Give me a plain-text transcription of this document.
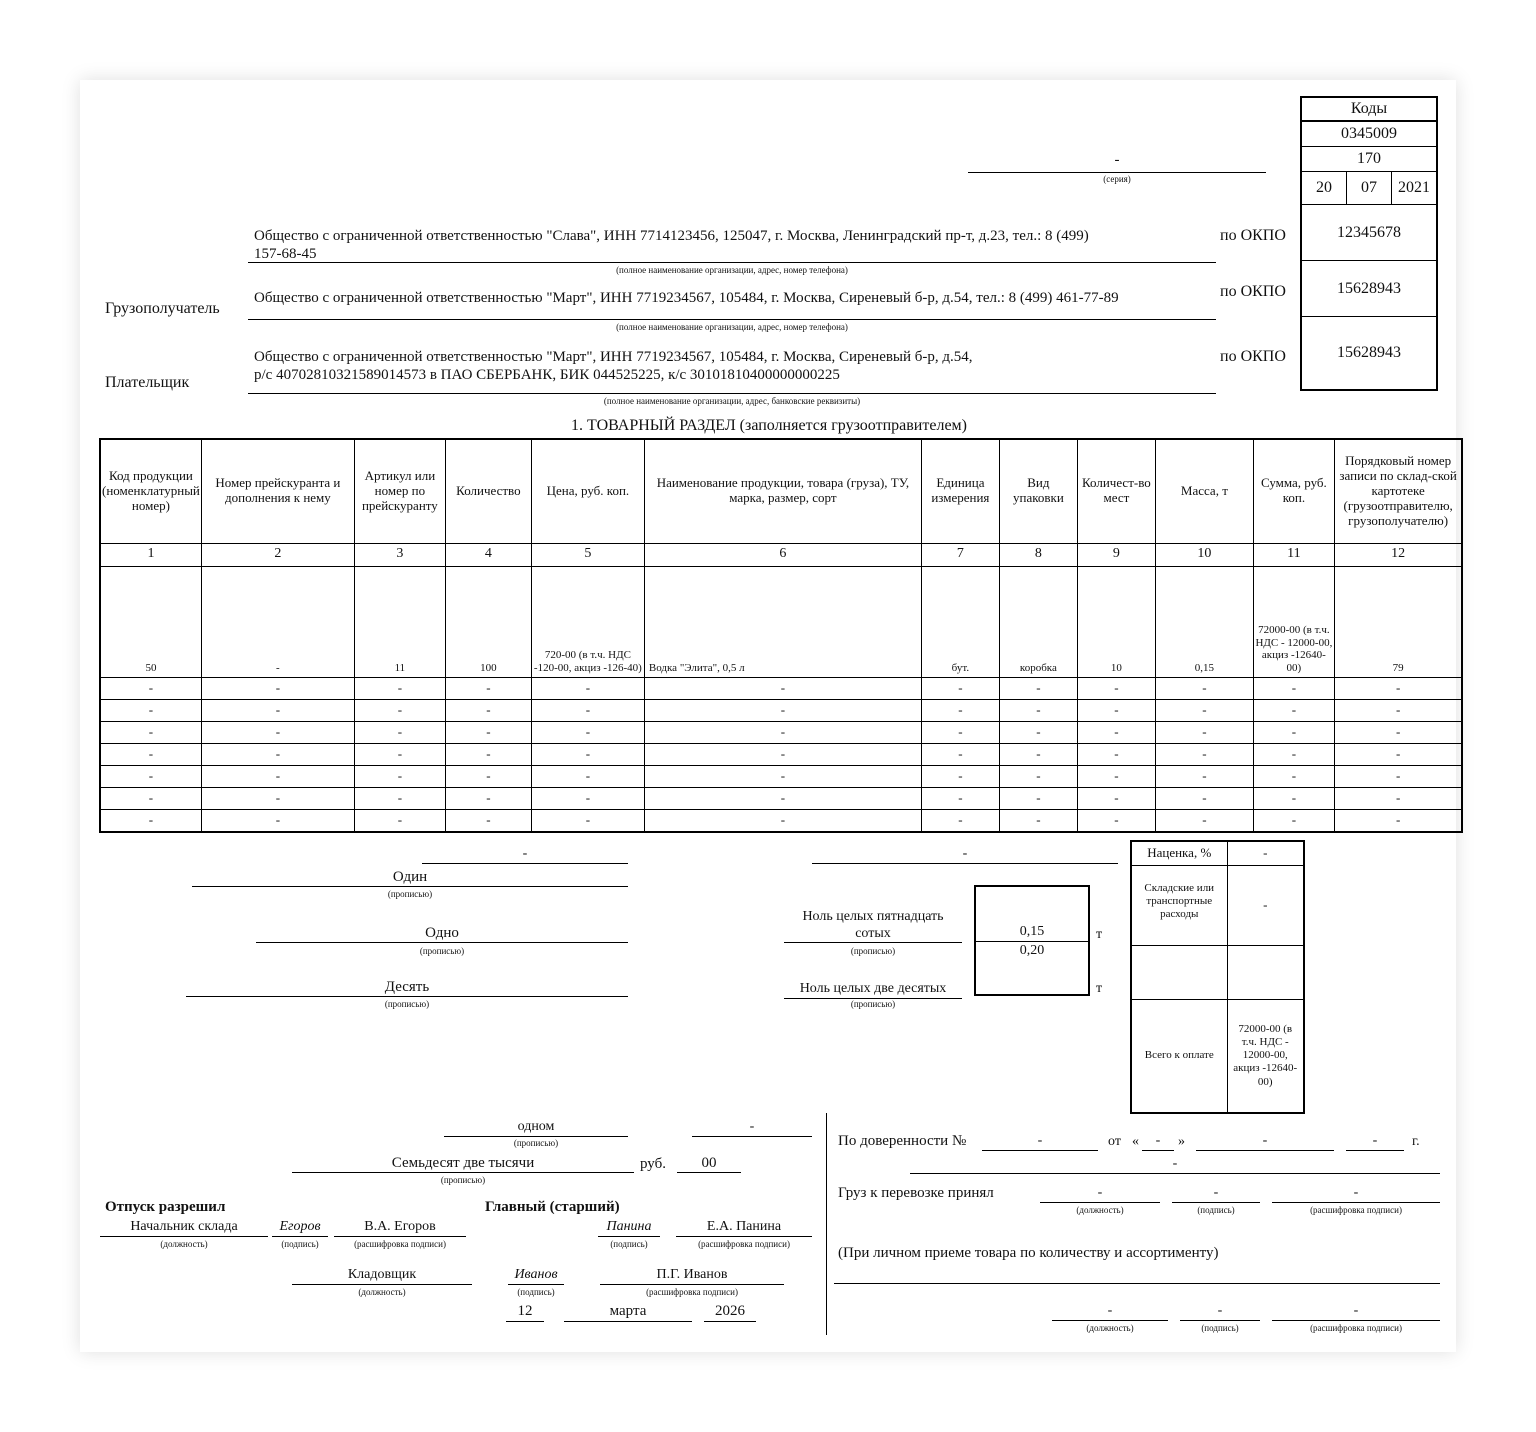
Коды
0345009
170
20	07	2021
12345678
15628943
15628943
-
(серия)
Общество с ограниченной ответственностью "Слава", ИНН 7714123456, 125047, г. Москва, Ленинградский пр-т, д.23, тел.: 8 (499)
157-68-45
(полное наименование организации, адрес, номер телефона)
по ОКПО
Грузополучатель
Общество с ограниченной ответственностью "Март", ИНН 7719234567, 105484, г. Москва, Сиреневый б-р, д.54, тел.: 8 (499) 461-77-89
(полное наименование организации, адрес, номер телефона)
по ОКПО
Плательщик
Общество с ограниченной ответственностью "Март", ИНН 7719234567, 105484, г. Москва, Сиреневый б-р, д.54,
р/с 40702810321589014573 в ПАО СБЕРБАНК, БИК 044525225, к/с 30101810400000000225
(полное наименование организации, адрес, банковские реквизиты)
по ОКПО
1. ТОВАРНЫЙ РАЗДЕЛ (заполняется грузоотправителем)
Код продукции (номенклатурный номер)	Номер прейскуранта и дополнения к нему	Артикул или номер по прейскуранту	Количество	Цена, руб. коп.	Наименование продукции, товара (груза), ТУ, марка, размер, сорт	Единица измерения	Вид упаковки	Количест-во мест	Масса, т	Сумма, руб. коп.	Порядковый номер записи по склад-ской картотеке (грузоотправителю, грузополучателю)
1	2	3	4	5	6	7	8	9	10	11	12
50	-	11	100	720-00 (в т.ч. НДС -120-00, акциз -126-40)	Водка "Элита", 0,5 л	бут.	коробка	10	0,15	72000-00 (в т.ч. НДС - 12000-00, акциз -12640-00)	79
-	-	-	-	-	-	-	-	-	-	-	-
-	-	-	-	-	-	-	-	-	-	-	-
-	-	-	-	-	-	-	-	-	-	-	-
-	-	-	-	-	-	-	-	-	-	-	-
-	-	-	-	-	-	-	-	-	-	-	-
-	-	-	-	-	-	-	-	-	-	-	-
-	-	-	-	-	-	-	-	-	-	-	-
Наценка, %	-
Складские или транспортные расходы	-

Всего к оплате	72000-00 (в т.ч. НДС - 12000-00, акциз -12640-00)
-	-
Один
(прописью)
Одно
(прописью)
Десять
(прописью)
Ноль целых пятнадцать сотых
(прописью)
Ноль целых две десятых
(прописью)
0,15
0,20
т
т
одном
(прописью)
-
Семьдесят две тысячи
(прописью)
руб.	00
Отпуск разрешил	Главный (старший)
Начальник склада
(должность)
Егоров
(подпись)
В.А. Егоров
(расшифровка подписи)
Панина
(подпись)
Е.А. Панина
(расшифровка подписи)
Кладовщик
(должность)
Иванов
(подпись)
П.Г. Иванов
(расшифровка подписи)
12	марта	2026
По доверенности №	-	от «	-	»	-	-	г.
-
Груз к перевозке принял	-
(должность)
-
(подпись)
-
(расшифровка подписи)
(При личном приеме товара по количеству и ассортименту)
-
(должность)
-
(подпись)
-
(расшифровка подписи)
